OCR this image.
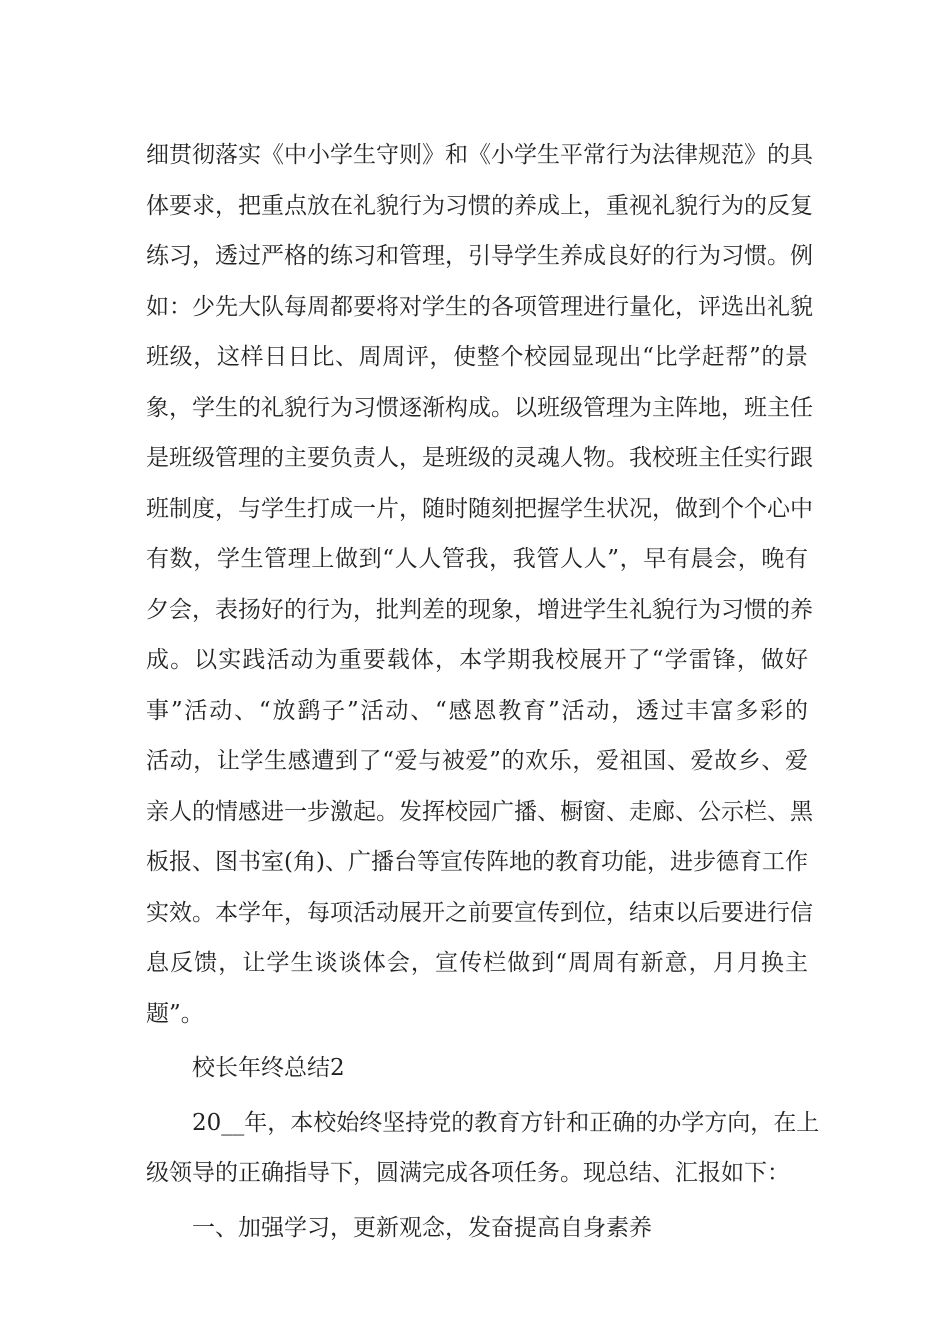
细贯彻落实《中小学生守则》和《小学生平常行为法律规范》的具
体要求，把重点放在礼貌行为习惯的养成上，重视礼貌行为的反复
练习，透过严格的练习和管理，引导学生养成良好的行为习惯。例
如：少先大队每周都要将对学生的各项管理进行量化，评选出礼貌
班级，这样日日比、周周评，使整个校园显现出“比学赶帮”的景
象，学生的礼貌行为习惯逐渐构成。以班级管理为主阵地，班主任
是班级管理的主要负责人，是班级的灵魂人物。我校班主任实行跟
班制度，与学生打成一片，随时随刻把握学生状况，做到个个心中
有数，学生管理上做到“人人管我，我管人人”，早有晨会，晚有
夕会，表扬好的行为，批判差的现象，增进学生礼貌行为习惯的养
成。以实践活动为重要载体，本学期我校展开了“学雷锋，做好
事”活动、“放鹞子”活动、“感恩教育”活动，透过丰富多彩的
活动，让学生感遭到了“爱与被爱”的欢乐，爱祖国、爱故乡、爱
亲人的情感进一步激起。发挥校园广播、橱窗、走廊、公示栏、黑
板报、图书室(角)、广播台等宣传阵地的教育功能，进步德育工作
实效。本学年，每项活动展开之前要宣传到位，结束以后要进行信
息反馈，让学生谈谈体会，宣传栏做到“周周有新意，月月换主
题”。
校长年终总结2
20__年，本校始终坚持党的教育方针和正确的办学方向，在上
级领导的正确指导下，圆满完成各项任务。现总结、汇报如下：
一、加强学习，更新观念，发奋提高自身素养
